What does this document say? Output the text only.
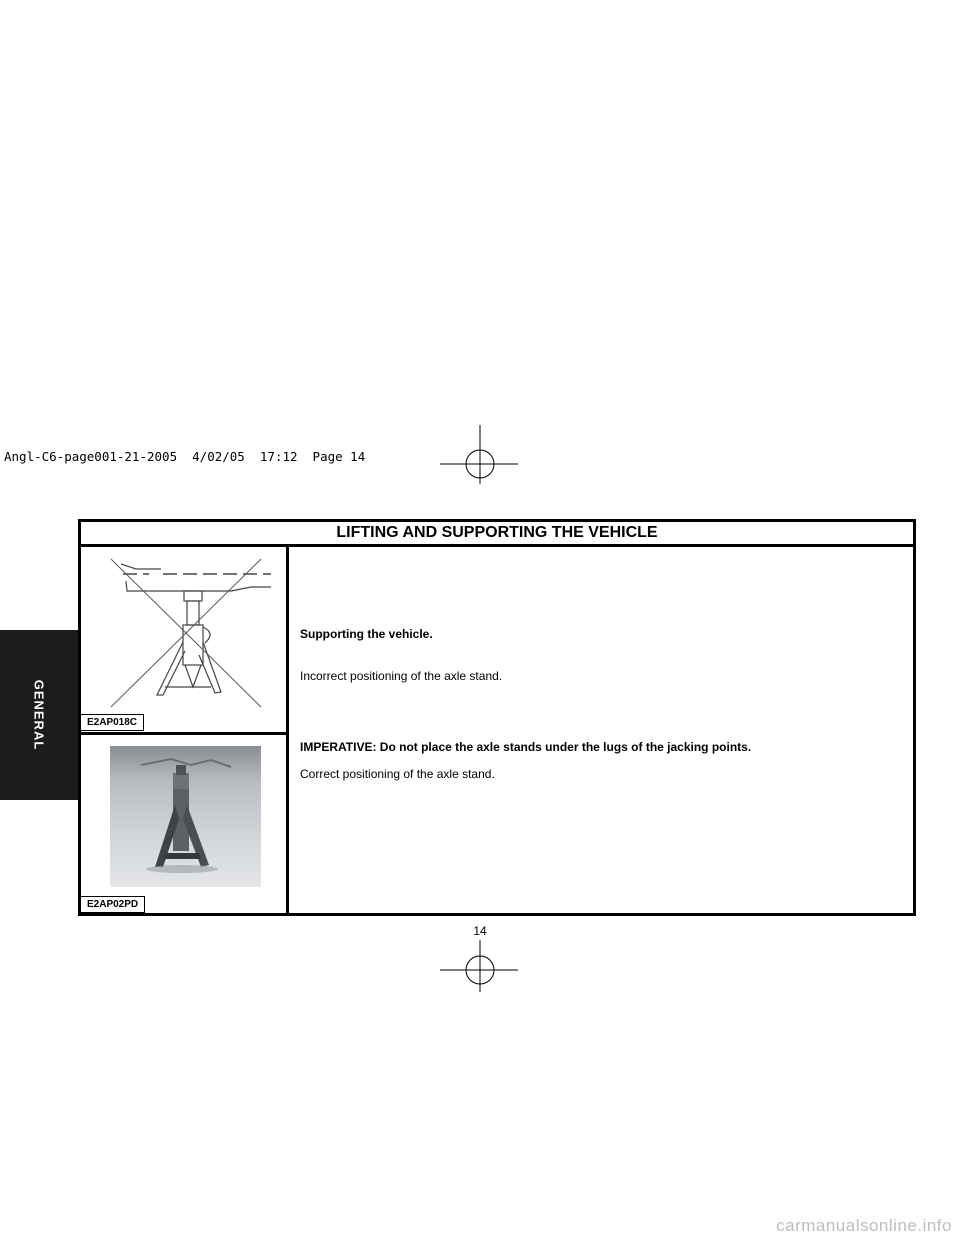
Angl-C6-page001-21-2005  4/02/05  17:12  Page 14
GENERAL
LIFTING AND SUPPORTING THE VEHICLE
E2AP018C
E2AP02PD
Supporting the vehicle.
Incorrect positioning of the axle stand.
IMPERATIVE: Do not place the axle stands under the lugs of the jacking points.
Correct positioning of the axle stand.
14
carmanualsonline.info
